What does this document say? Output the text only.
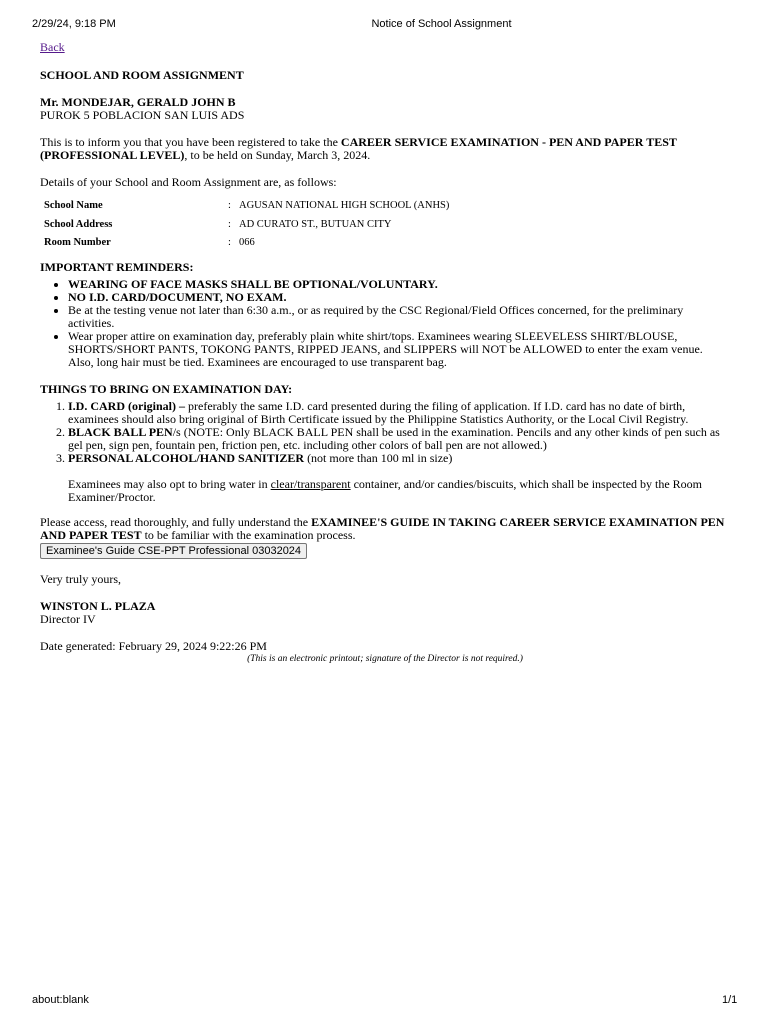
2/29/24, 9:18 PM	Notice of School Assignment
Back
SCHOOL AND ROOM ASSIGNMENT
Mr. MONDEJAR, GERALD JOHN B
PUROK 5 POBLACION SAN LUIS ADS
This is to inform you that you have been registered to take the CAREER SERVICE EXAMINATION - PEN AND PAPER TEST (PROFESSIONAL LEVEL), to be held on Sunday, March 3, 2024.
Details of your School and Room Assignment are, as follows:
School Name	:	AGUSAN NATIONAL HIGH SCHOOL (ANHS)
School Address	:	AD CURATO ST., BUTUAN CITY
Room Number	:	066
IMPORTANT REMINDERS:
• WEARING OF FACE MASKS SHALL BE OPTIONAL/VOLUNTARY.
• NO I.D. CARD/DOCUMENT, NO EXAM.
• Be at the testing venue not later than 6:30 a.m., or as required by the CSC Regional/Field Offices concerned, for the preliminary activities.
• Wear proper attire on examination day, preferably plain white shirt/tops. Examinees wearing SLEEVELESS SHIRT/BLOUSE, SHORTS/SHORT PANTS, TOKONG PANTS, RIPPED JEANS, and SLIPPERS will NOT be ALLOWED to enter the exam venue. Also, long hair must be tied. Examinees are encouraged to use transparent bag.
THINGS TO BRING ON EXAMINATION DAY:
1. I.D. CARD (original) – preferably the same I.D. card presented during the filing of application. If I.D. card has no date of birth, examinees should also bring original of Birth Certificate issued by the Philippine Statistics Authority, or the Local Civil Registry.
2. BLACK BALL PEN/s (NOTE: Only BLACK BALL PEN shall be used in the examination. Pencils and any other kinds of pen such as gel pen, sign pen, fountain pen, friction pen, etc. including other colors of ball pen are not allowed.)
3. PERSONAL ALCOHOL/HAND SANITIZER (not more than 100 ml in size)
Examinees may also opt to bring water in clear/transparent container, and/or candies/biscuits, which shall be inspected by the Room Examiner/Proctor.
Please access, read thoroughly, and fully understand the EXAMINEE'S GUIDE IN TAKING CAREER SERVICE EXAMINATION PEN AND PAPER TEST to be familiar with the examination process.
Examinee's Guide CSE-PPT Professional 03032024
Very truly yours,
WINSTON L. PLAZA
Director IV
Date generated: February 29, 2024 9:22:26 PM
(This is an electronic printout; signature of the Director is not required.)
about:blank	1/1
